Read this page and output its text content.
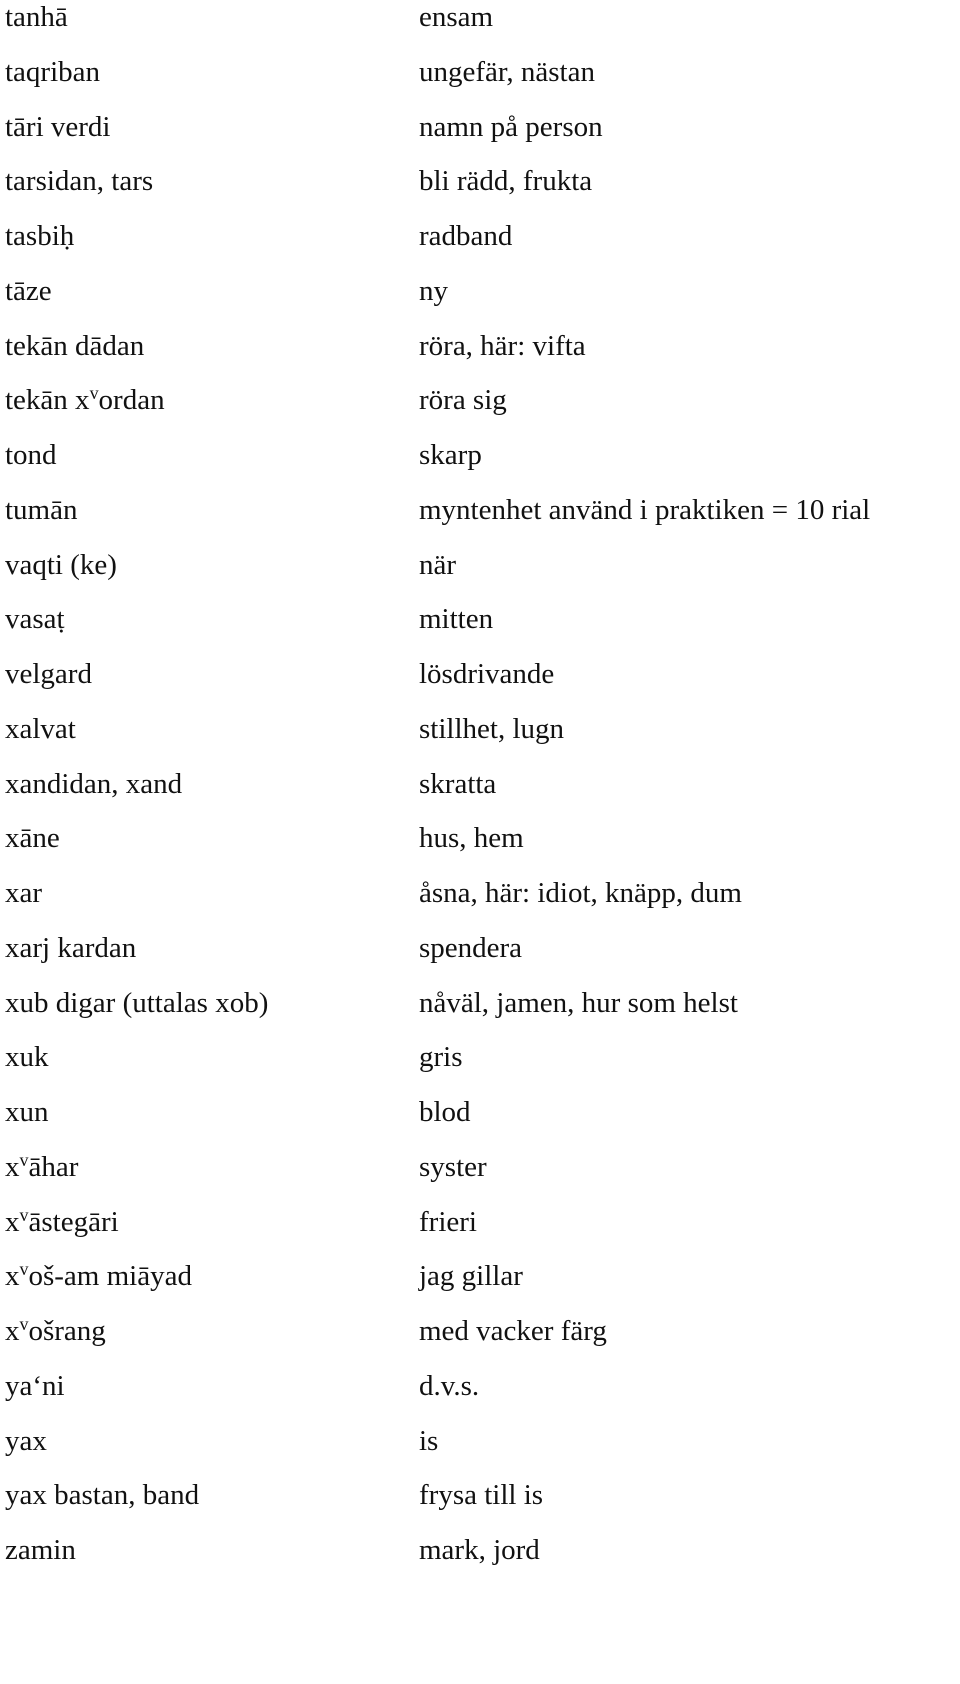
tanhā	ensam
taqriban	ungefär, nästan
tāri verdi	namn på person
tarsidan, tars	bli rädd, frukta
tasbiḥ	radband
tāze	ny
tekān dādan	röra, här: vifta
tekān $x^vordan$	röra sig
tond	skarp
tumān	myntenhet använd i praktiken = 10 rial
vaqti (ke)	när
vasaṭ	mitten
velgard	lösdrivande
xalvat	stillhet, lugn
xandidan, xand	skratta
xāne	hus, hem
xar	åsna, här: idiot, knäpp, dum
xarj kardan	spendera
xub digar (uttalas xob)	nåväl, jamen, hur som helst
xuk	gris
xun	blod
$x^vāhar$	syster
$x^vāstegāri$	frieri
$x^voš-am$ miāyad	jag gillar
$x^vošrang$	med vacker färg
ya‘ni	d.v.s.
yax	is
yax bastan, band	frysa till is
zamin	mark, jord
